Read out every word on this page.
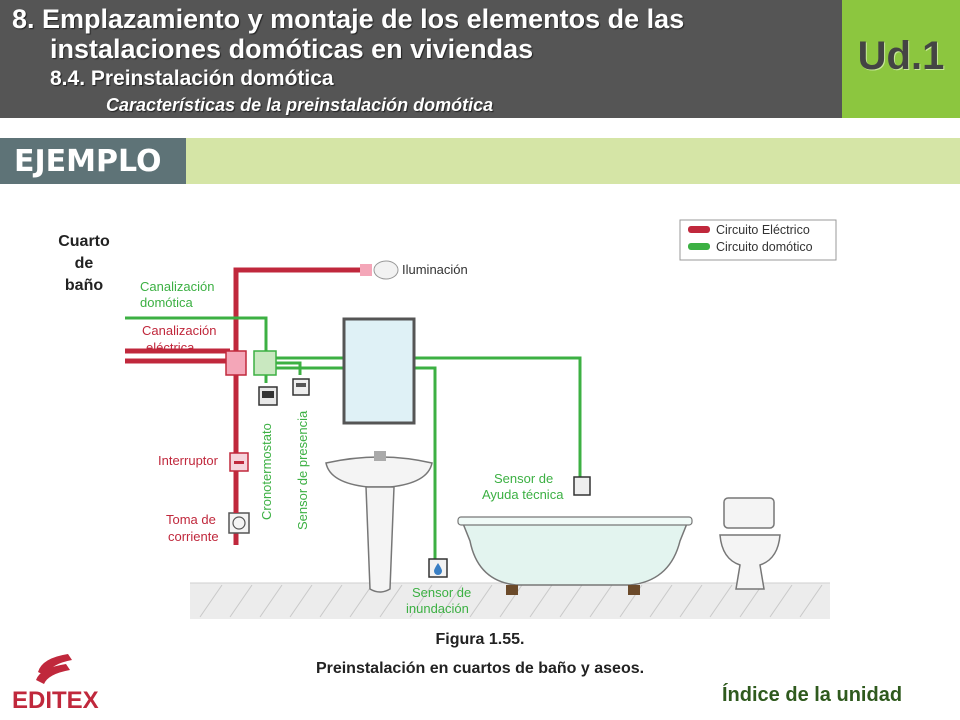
8. Emplazamiento y montaje de los elementos de las
instalaciones domóticas en viviendas
8.4. Preinstalación domótica
Características de la preinstalación domótica
Ud.1
EJEMPLO
Circuito Eléctrico
Circuito domótico
Cuarto
de
baño
Iluminación
Canalización
domótica
Canalización
eléctrica
Interruptor
Toma de
corriente
Cronotermostato Sensor de presencia	Sensor de
Ayuda técnica
Sensor de
inundación
Figura 1.55.
Preinstalación en cuartos de baño y aseos.
EDITEX	Índice de la unidad
